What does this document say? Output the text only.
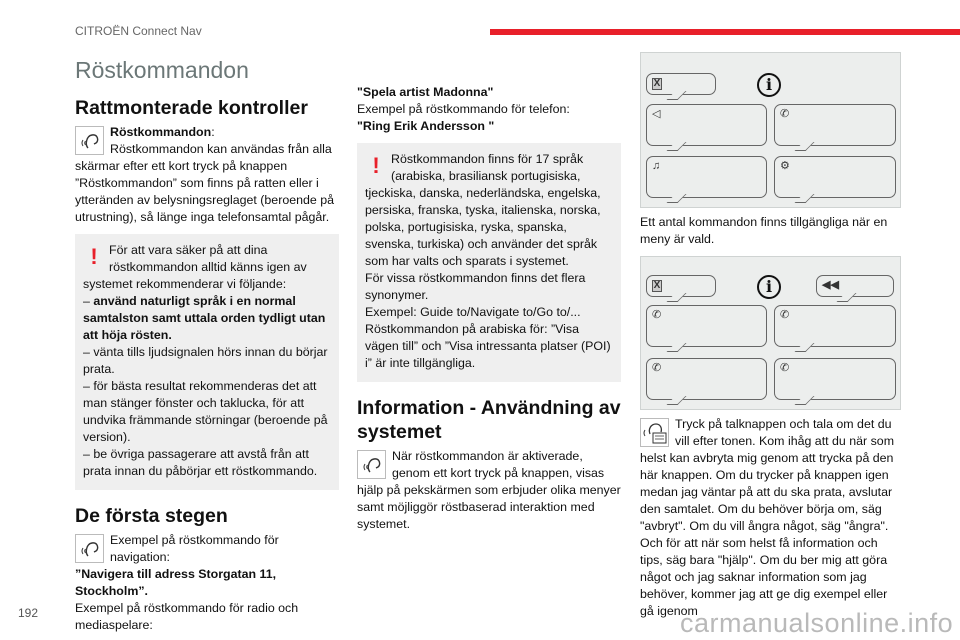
CITROËN Connect Nav
192
Röstkommandon
Rattmonterade kontroller
Röstkommandon:
Röstkommandon kan användas från alla skärmar efter ett kort tryck på knappen ”Röstkommandon” som finns på ratten eller i ytteränden av belysningsreglaget (beroende på utrustning), så länge inga telefonsamtal pågår.
! För att vara säker på att dina röstkommandon alltid känns igen av systemet rekommenderar vi följande:
– använd naturligt språk i en normal samtalston samt uttala orden tydligt utan att höja rösten.
– vänta tills ljudsignalen hörs innan du börjar prata.
– för bästa resultat rekommenderas det att man stänger fönster och taklucka, för att undvika främmande störningar (beroende på version).
– be övriga passagerare att avstå från att prata innan du påbörjar ett röstkommando.
De första stegen
Exempel på röstkommando för navigation:
”Navigera till adress Storgatan 11, Stockholm”.
Exempel på röstkommando för radio och mediaspelare:
"Spela artist Madonna"
Exempel på röstkommando för telefon:
"Ring Erik Andersson "
! Röstkommandon finns för 17 språk (arabiska, brasiliansk portugisiska, tjeckiska, danska, nederländska, engelska, persiska, franska, tyska, italienska, norska, polska, portugisiska, ryska, spanska, svenska, turkiska) och använder det språk som har valts och sparats i systemet.
För vissa röstkommandon finns det flera synonymer.
Exempel: Guide to/Navigate to/Go to/...
Röstkommandon på arabiska för: ”Visa vägen till” och ”Visa intressanta platser (POI) i” är inte tillgängliga.
Information - Användning av systemet
När röstkommandon är aktiverade, genom ett kort tryck på knappen, visas hjälp på pekskärmen som erbjuder olika menyer samt möjliggör röstbaserad interaktion med systemet.
X	i
◁	✆
♫	⚙
Ett antal kommandon finns tillgängliga när en meny är vald.
X	i	◀◀
✆	✆
✆	✆
Tryck på talknappen och tala om det du vill efter tonen. Kom ihåg att du när som helst kan avbryta mig genom att trycka på den här knappen. Om du trycker på knappen igen medan jag väntar på att du ska prata, avslutar den samtalet. Om du behöver börja om, säg "avbryt". Om du vill ångra något, säg "ångra". Och för att när som helst få information och tips, säg bara "hjälp". Om du ber mig att göra något och jag saknar information som jag behöver, kommer jag att ge dig exempel eller gå igenom
carmanualsonline.info
